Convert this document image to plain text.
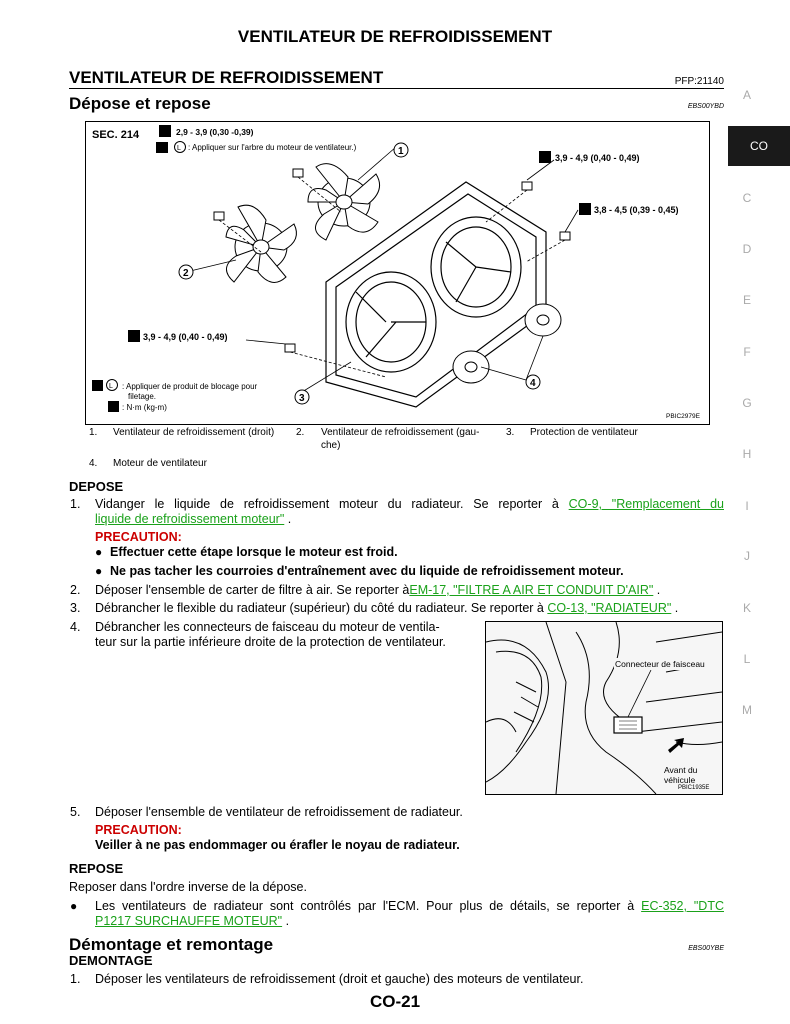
VENTILATEUR DE REFROIDISSEMENT
VENTILATEUR DE REFROIDISSEMENT	PFP:21140
Dépose et repose	EBS00YBD
A
CO
C
D
E
F
G
H
I
J
K
L
M
SEC. 214	2,9 - 3,9 (0,30 -0,39)
L : Appliquer sur l'arbre du moteur de ventilateur.)
3,9 - 4,9 (0,40 - 0,49)
3,8 - 4,5 (0,39 - 0,45)
3,9 - 4,9 (0,40 - 0,49)
1
2
3
4
L : Appliquer de produit de blocage pour
filetage.
: N·m (kg-m)
PBIC2979E
1. Ventilateur de refroidissement (droit) 2. Ventilateur de refroidissement (gau-
che)
3. Protection de ventilateur
4. Moteur de ventilateur
DEPOSE
1. Vidanger le liquide de refroidissement moteur du radiateur. Se reporter à CO-9, "Remplacement du
liquide de refroidissement moteur" .
PRECAUTION:
● Effectuer cette étape lorsque le moteur est froid.
● Ne pas tacher les courroies d'entraînement avec du liquide de refroidissement moteur.
2. Déposer l'ensemble de carter de filtre à air. Se reporter àEM-17, "FILTRE A AIR ET CONDUIT D'AIR" .
3. Débrancher le flexible du radiateur (supérieur) du côté du radiateur. Se reporter à CO-13, "RADIATEUR" .
4. Débrancher les connecteurs de faisceau du moteur de ventila-
teur sur la partie inférieure droite de la protection de ventilateur.
Connecteur de faisceau
Avant du
véhicule
PBIC1935E
5. Déposer l'ensemble de ventilateur de refroidissement de radiateur.
PRECAUTION:
Veiller à ne pas endommager ou érafler le noyau de radiateur.
REPOSE
Reposer dans l'ordre inverse de la dépose.
● Les ventilateurs de radiateur sont contrôlés par l'ECM. Pour plus de détails, se reporter à EC-352, "DTC
P1217 SURCHAUFFE MOTEUR" .
Démontage et remontage	EBS00YBE
DEMONTAGE
1. Déposer les ventilateurs de refroidissement (droit et gauche) des moteurs de ventilateur.
CO-21
